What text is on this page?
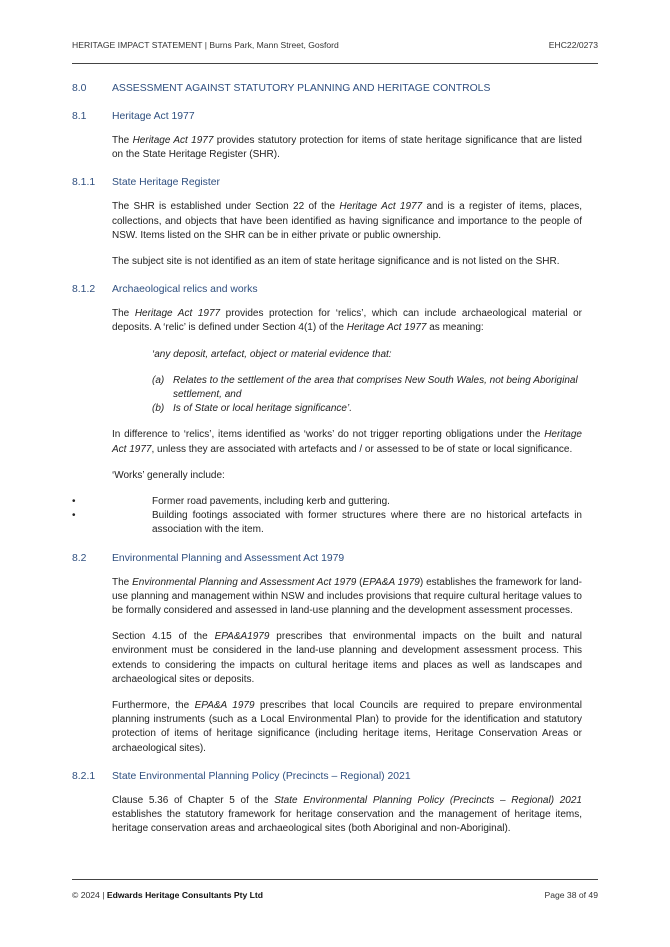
HERITAGE IMPACT STATEMENT | Burns Park, Mann Street, Gosford	EHC22/0273
8.0	ASSESSMENT AGAINST STATUTORY PLANNING AND HERITAGE CONTROLS
8.1	Heritage Act 1977

The Heritage Act 1977 provides statutory protection for items of state heritage significance that are listed on the State Heritage Register (SHR).

8.1.1	State Heritage Register

The SHR is established under Section 22 of the Heritage Act 1977 and is a register of items, places, collections, and objects that have been identified as having significance and importance to the people of NSW. Items listed on the SHR can be in either private or public ownership.

The subject site is not identified as an item of state heritage significance and is not listed on the SHR.

8.1.2	Archaeological relics and works

The Heritage Act 1977 provides protection for ‘relics’, which can include archaeological material or deposits. A ‘relic’ is defined under Section 4(1) of the Heritage Act 1977 as meaning:

‘any deposit, artefact, object or material evidence that:
(a) Relates to the settlement of the area that comprises New South Wales, not being Aboriginal settlement, and
(b) Is of State or local heritage significance’.

In difference to ‘relics’, items identified as ‘works’ do not trigger reporting obligations under the Heritage Act 1977, unless they are associated with artefacts and / or assessed to be of state or local significance.

‘Works’ generally include:

•	Former road pavements, including kerb and guttering.
•	Building footings associated with former structures where there are no historical artefacts in association with the item.
8.2	Environmental Planning and Assessment Act 1979

The Environmental Planning and Assessment Act 1979 (EPA&A 1979) establishes the framework for land-use planning and management within NSW and includes provisions that require cultural heritage values to be formally considered and assessed in land-use planning and the development assessment processes.

Section 4.15 of the EPA&A1979 prescribes that environmental impacts on the built and natural environment must be considered in the land-use planning and development assessment process. This extends to considering the impacts on cultural heritage items and places as well as landscapes and archaeological sites or deposits.

Furthermore, the EPA&A 1979 prescribes that local Councils are required to prepare environmental planning instruments (such as a Local Environmental Plan) to provide for the identification and statutory protection of items of heritage significance (including heritage items, Heritage Conservation Areas or archaeological sites).

8.2.1	State Environmental Planning Policy (Precincts – Regional) 2021

Clause 5.36 of Chapter 5 of the State Environmental Planning Policy (Precincts – Regional) 2021 establishes the statutory framework for heritage conservation and the management of heritage items, heritage conservation areas and archaeological sites (both Aboriginal and non-Aboriginal).

© 2024 | Edwards Heritage Consultants Pty Ltd	Page 38 of 49
